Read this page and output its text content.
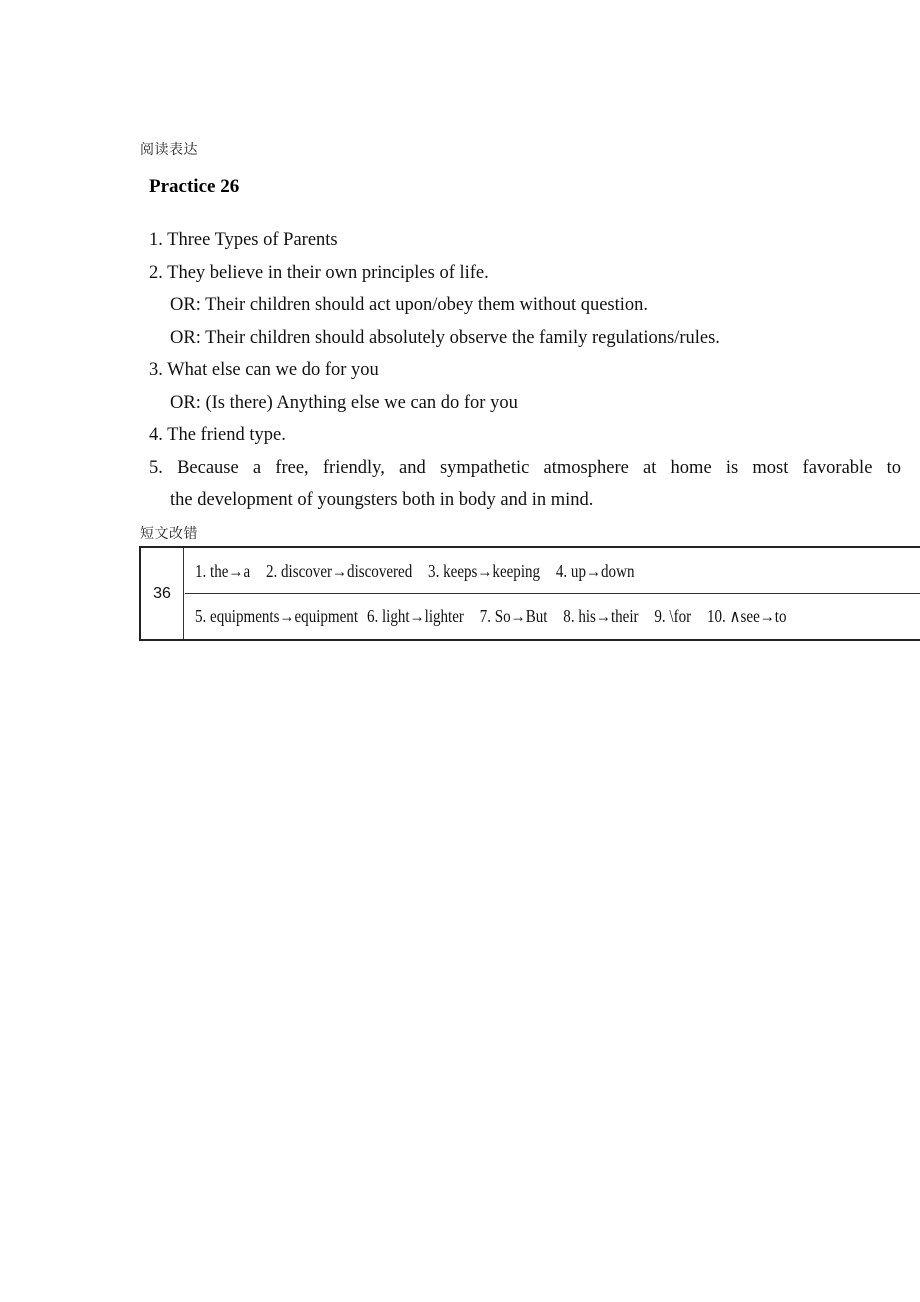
阅读表达
Practice 26
1. Three Types of Parents
2. They believe in their own principles of life.
OR: Their children should act upon/obey them without question.
OR: Their children should absolutely observe the family regulations/rules.
3. What else can we do for you
OR: (Is there) Anything else we can do for you
4. The friend type.
5. Because a free, friendly, and sympathetic atmosphere at home is most favorable to
the development of youngsters both in body and in mind.
短文改错
36
1. the→a 2. discover→discovered 3. keeps→keeping 4. up→down
5. equipments→equipment 6. light→lighter 7. So→But 8. his→their 9. \for 10. ∧see→to
